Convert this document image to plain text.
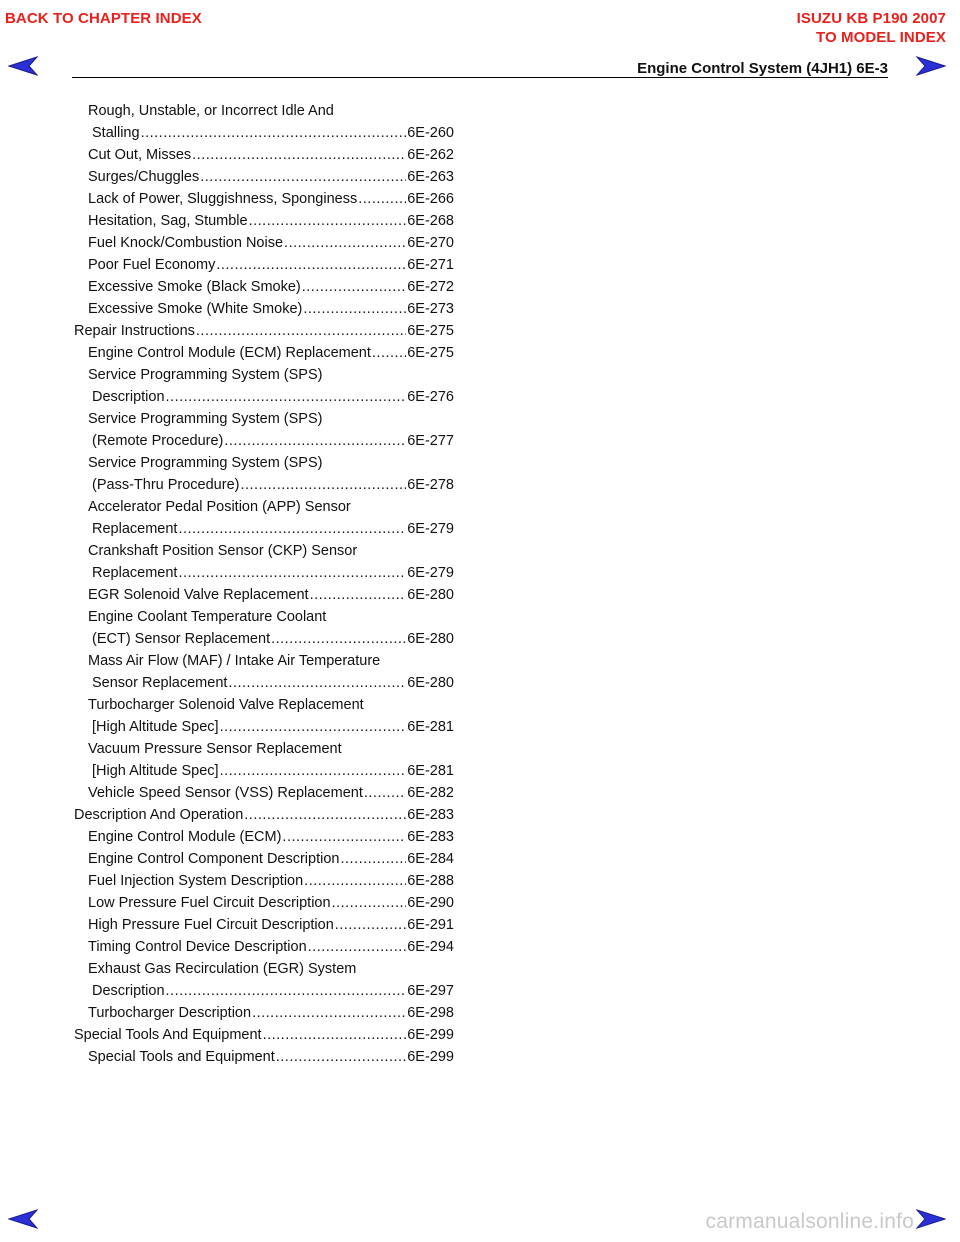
BACK TO CHAPTER INDEX	ISUZU KB P190 2007
TO MODEL INDEX
Engine Control System (4JH1) 6E-3
Rough, Unstable, or Incorrect Idle And
Stalling .....	6E-260
Cut Out, Misses .....	6E-262
Surges/Chuggles .....	6E-263
Lack of Power, Sluggishness, Sponginess .....	6E-266
Hesitation, Sag, Stumble .....	6E-268
Fuel Knock/Combustion Noise .....	6E-270
Poor Fuel Economy .....	6E-271
Excessive Smoke (Black Smoke) .....	6E-272
Excessive Smoke (White Smoke) .....	6E-273
Repair Instructions .....	6E-275
Engine Control Module (ECM) Replacement .....	6E-275
Service Programming System (SPS)
Description .....	6E-276
Service Programming System (SPS)
(Remote Procedure) .....	6E-277
Service Programming System (SPS)
(Pass-Thru Procedure) .....	6E-278
Accelerator Pedal Position (APP) Sensor
Replacement .....	6E-279
Crankshaft Position Sensor (CKP) Sensor
Replacement .....	6E-279
EGR Solenoid Valve Replacement .....	6E-280
Engine Coolant Temperature Coolant
(ECT) Sensor Replacement .....	6E-280
Mass Air Flow (MAF) / Intake Air Temperature
Sensor Replacement .....	6E-280
Turbocharger Solenoid Valve Replacement
[High Altitude Spec] .....	6E-281
Vacuum Pressure Sensor Replacement
[High Altitude Spec] .....	6E-281
Vehicle Speed Sensor (VSS) Replacement .....	6E-282
Description And Operation .....	6E-283
Engine Control Module (ECM) .....	6E-283
Engine Control Component Description .....	6E-284
Fuel Injection System Description .....	6E-288
Low Pressure Fuel Circuit Description .....	6E-290
High Pressure Fuel Circuit Description .....	6E-291
Timing Control Device Description .....	6E-294
Exhaust Gas Recirculation (EGR) System
Description .....	6E-297
Turbocharger Description .....	6E-298
Special Tools And Equipment .....	6E-299
Special Tools and Equipment .....	6E-299
carmanualsonline.info
